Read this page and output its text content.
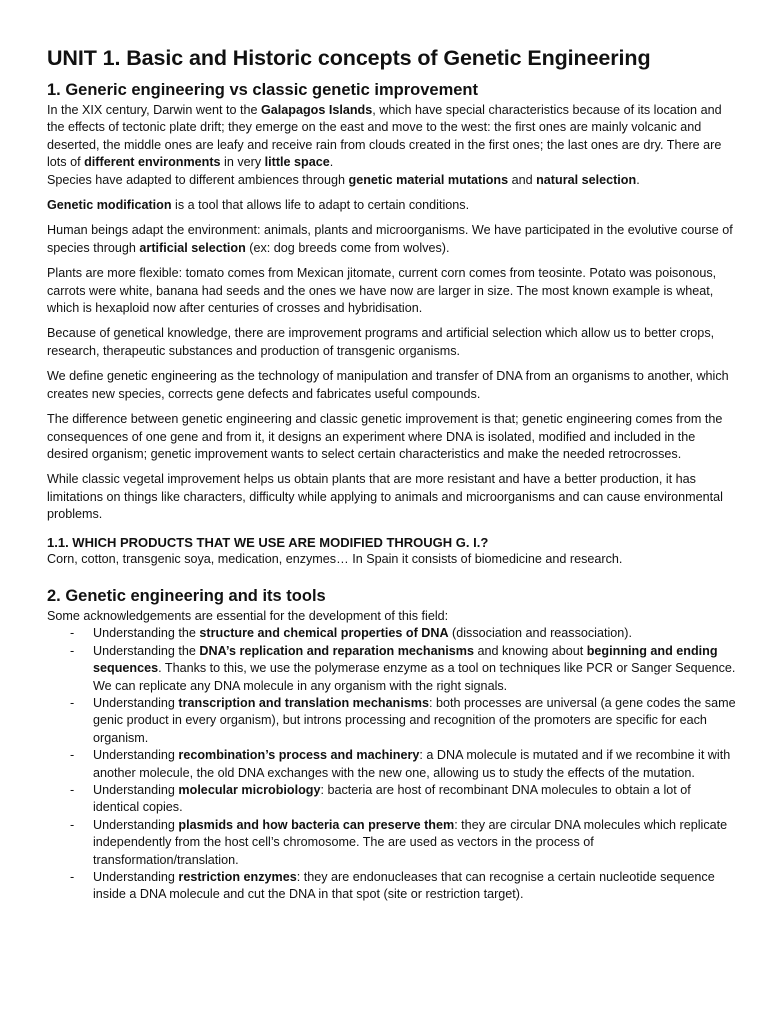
UNIT 1. Basic and Historic concepts of Genetic Engineering
1. Generic engineering vs classic genetic improvement

In the XIX century, Darwin went to the Galapagos Islands, which have special characteristics because of its location and the effects of tectonic plate drift; they emerge on the east and move to the west: the first ones are mainly volcanic and deserted, the middle ones are leafy and receive rain from clouds created in the first ones; the last ones are dry. There are lots of different environments in very little space.

Species have adapted to different ambiences through genetic material mutations and natural selection.

Genetic modification is a tool that allows life to adapt to certain conditions.

Human beings adapt the environment: animals, plants and microorganisms. We have participated in the evolutive course of species through artificial selection (ex: dog breeds come from wolves).

Plants are more flexible: tomato comes from Mexican jitomate, current corn comes from teosinte. Potato was poisonous, carrots were white, banana had seeds and the ones we have now are larger in size. The most known example is wheat, which is hexaploid now after centuries of crosses and hybridisation.

Because of genetical knowledge, there are improvement programs and artificial selection which allow us to better crops, research, therapeutic substances and production of transgenic organisms.

We define genetic engineering as the technology of manipulation and transfer of DNA from an organisms to another, which creates new species, corrects gene defects and fabricates useful compounds.

The difference between genetic engineering and classic genetic improvement is that; genetic engineering comes from the consequences of one gene and from it, it designs an experiment where DNA is isolated, modified and included in the desired organism; genetic improvement wants to select certain characteristics and make the needed retrocrosses.

While classic vegetal improvement helps us obtain plants that are more resistant and have a better production, it has limitations on things like characters, difficulty while applying to animals and microorganisms and can cause environmental problems.

1.1. WHICH PRODUCTS THAT WE USE ARE MODIFIED THROUGH G. I.?

Corn, cotton, transgenic soya, medication, enzymes… In Spain it consists of biomedicine and research.

2. Genetic engineering and its tools

Some acknowledgements are essential for the development of this field:

- Understanding the structure and chemical properties of DNA (dissociation and reassociation).
- Understanding the DNA’s replication and reparation mechanisms and knowing about beginning and ending sequences. Thanks to this, we use the polymerase enzyme as a tool on techniques like PCR or Sanger Sequence. We can replicate any DNA molecule in any organism with the right signals.
- Understanding transcription and translation mechanisms: both processes are universal (a gene codes the same genic product in every organism), but introns processing and recognition of the promoters are specific for each organism.
- Understanding recombination’s process and machinery: a DNA molecule is mutated and if we recombine it with another molecule, the old DNA exchanges with the new one, allowing us to study the effects of the mutation.
- Understanding molecular microbiology: bacteria are host of recombinant DNA molecules to obtain a lot of identical copies.
- Understanding plasmids and how bacteria can preserve them: they are circular DNA molecules which replicate independently from the host cell’s chromosome. The are used as vectors in the process of transformation/translation.
- Understanding restriction enzymes: they are endonucleases that can recognise a certain nucleotide sequence inside a DNA molecule and cut the DNA in that spot (site or restriction target).
